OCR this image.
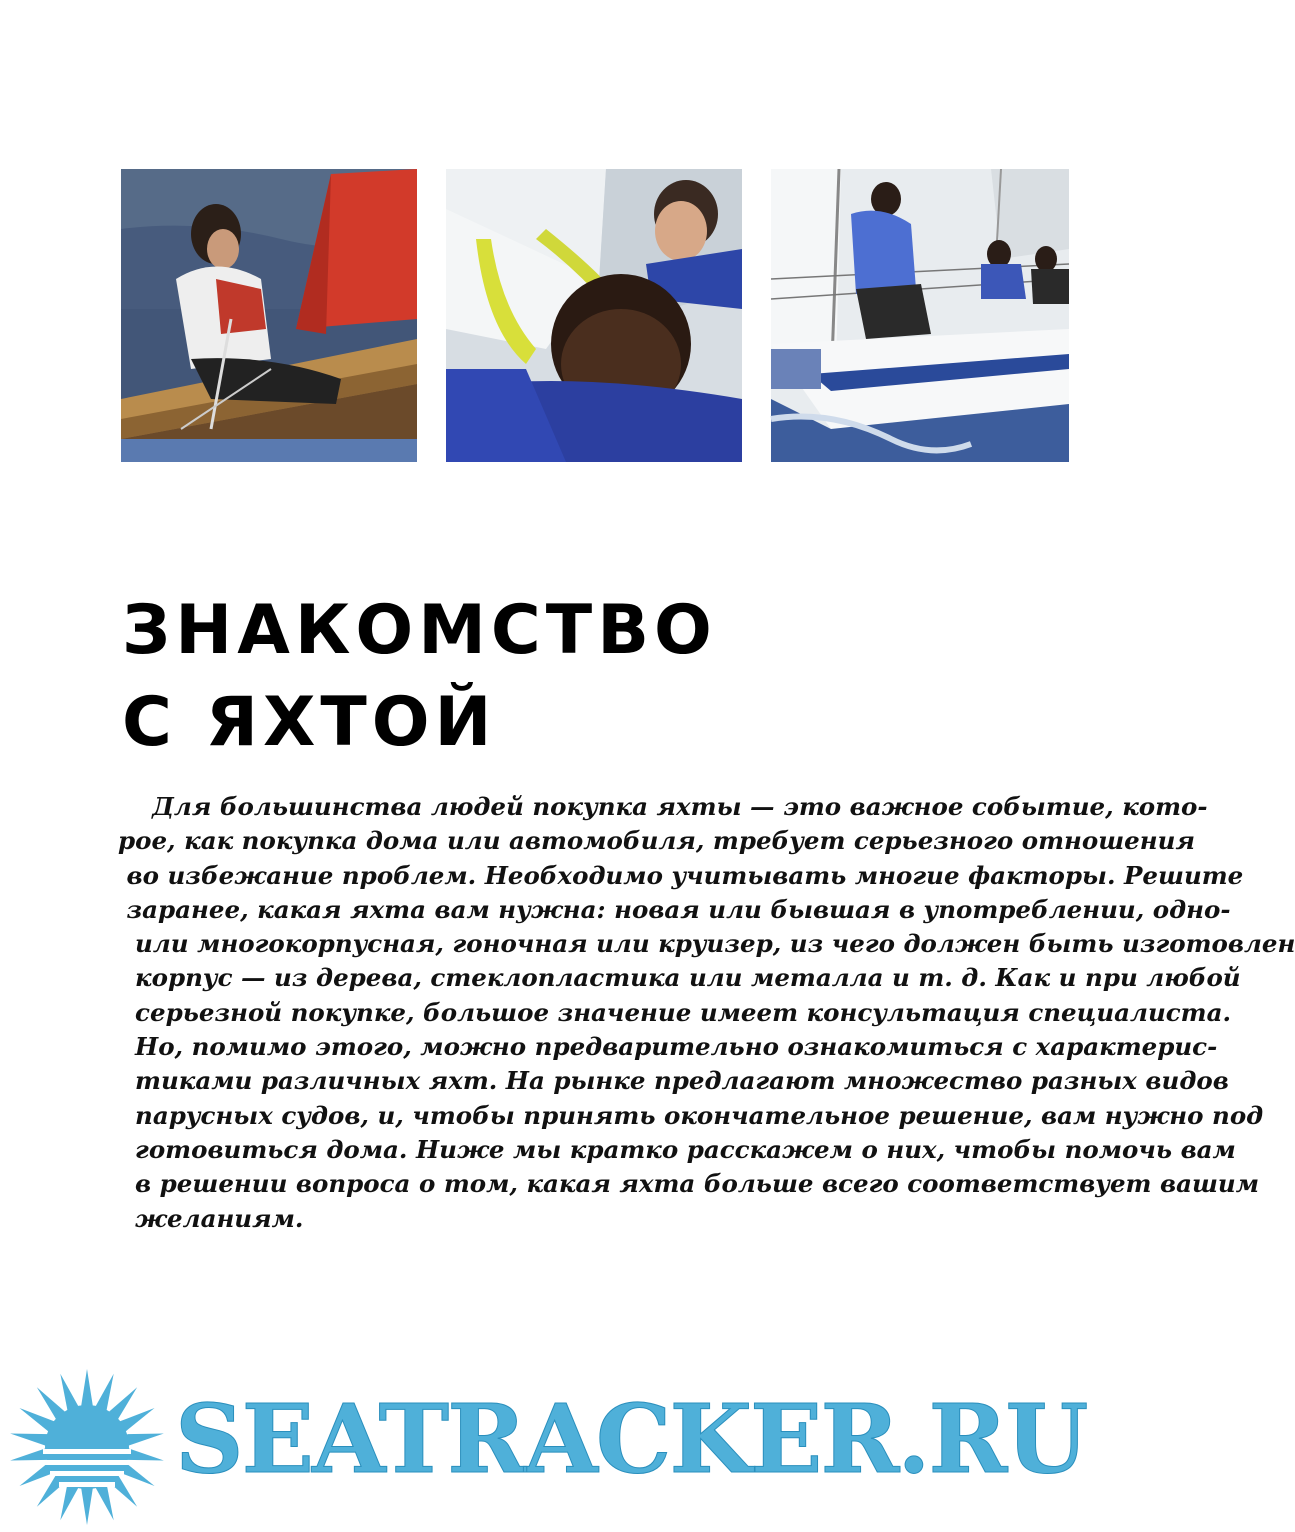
ЗНАКОМСТВО
С ЯХТОЙ
Для большинства людей покупка яхты — это важное событие, кото-
рое, как покупка дома или автомобиля, требует серьезного отношения
во избежание проблем. Необходимо учитывать многие факторы. Решите
заранее, какая яхта вам нужна: новая или бывшая в употреблении, одно-
или многокорпусная, гоночная или круизер, из чего должен быть изготовлен
корпус — из дерева, стеклопластика или металла и т. д. Как и при любой
серьезной покупке, большое значение имеет консультация специалиста.
Но, помимо этого, можно предварительно ознакомиться с характерис-
тиками различных яхт. На рынке предлагают множество разных видов
парусных судов, и, чтобы принять окончательное решение, вам нужно под
готовиться дома. Ниже мы кратко расскажем о них, чтобы помочь вам
в решении вопроса о том, какая яхта больше всего соответствует вашим
желаниям.
SEATRACKER.RU
